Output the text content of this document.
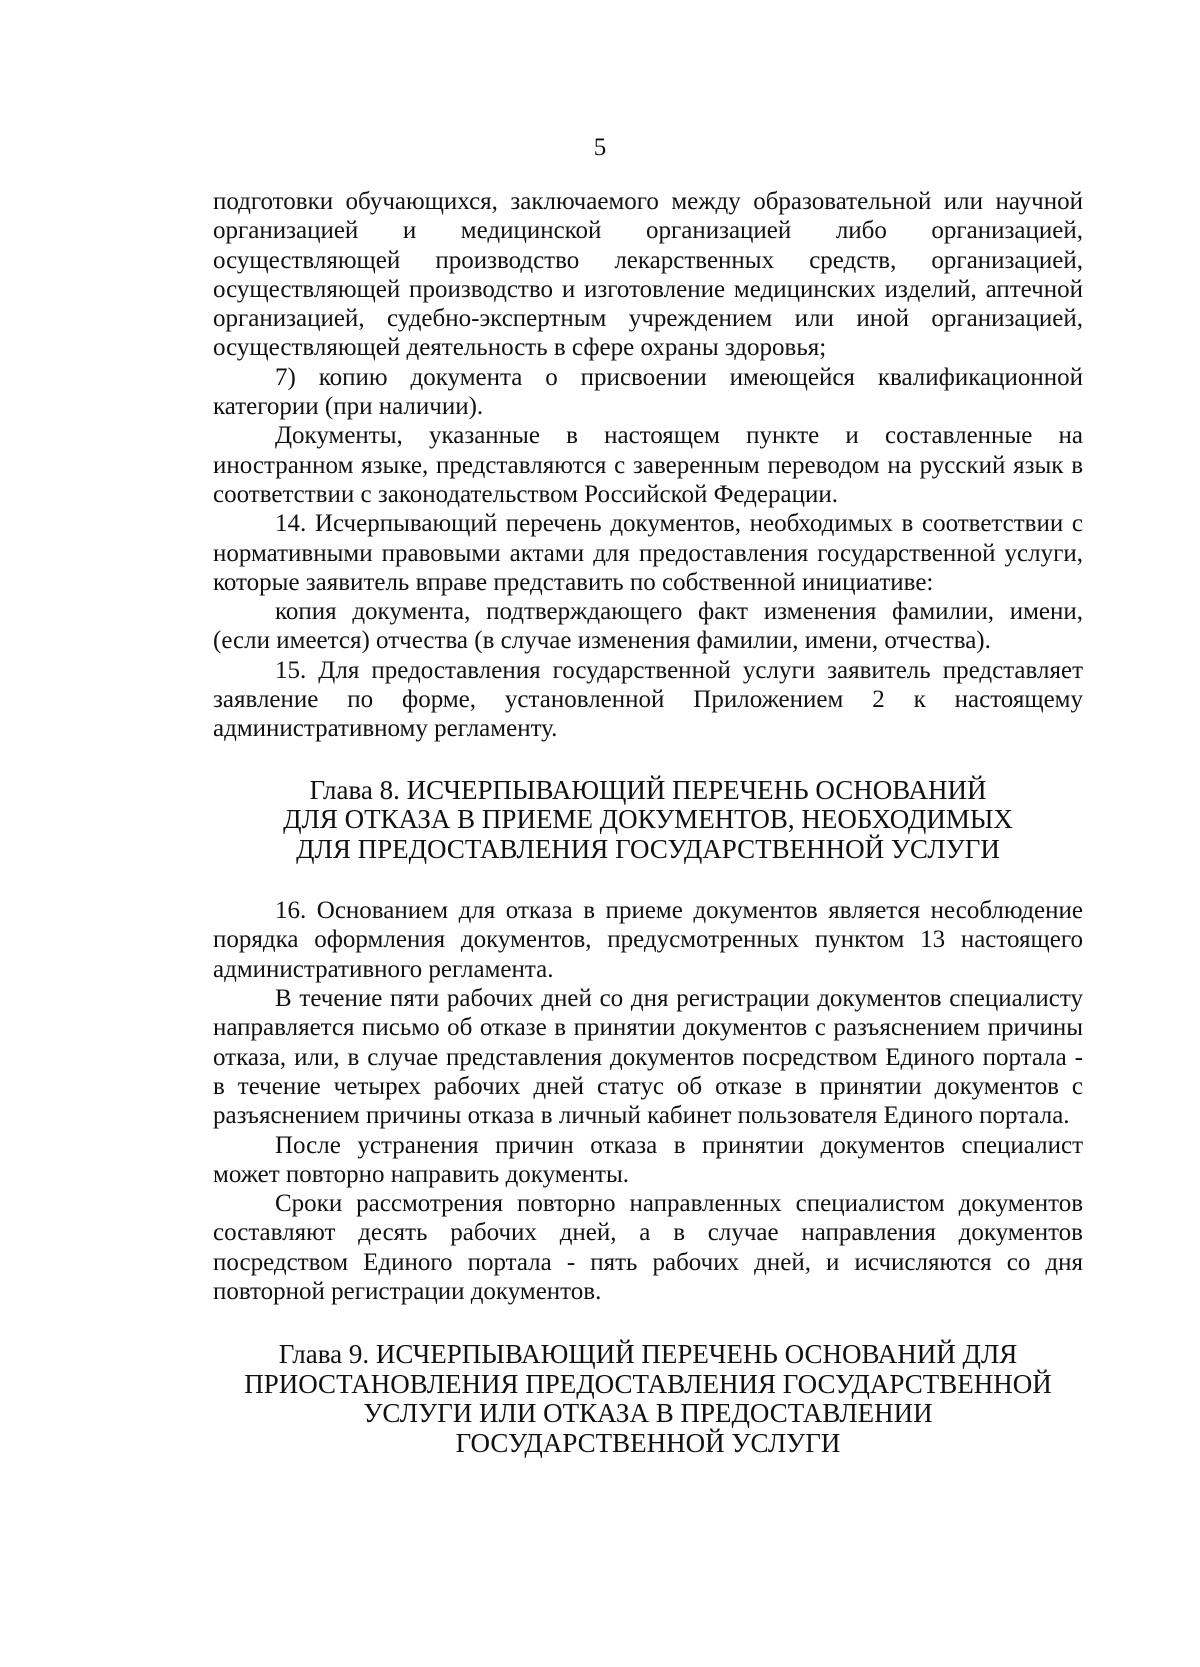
5

подготовки обучающихся, заключаемого между образовательной или научной организацией и медицинской организацией либо организацией, осуществляющей производство лекарственных средств, организацией, осуществляющей производство и изготовление медицинских изделий, аптечной организацией, судебно-экспертным учреждением или иной организацией, осуществляющей деятельность в сфере охраны здоровья;

7) копию документа о присвоении имеющейся квалификационной категории (при наличии).

Документы, указанные в настоящем пункте и составленные на иностранном языке, представляются с заверенным переводом на русский язык в соответствии с законодательством Российской Федерации.

14. Исчерпывающий перечень документов, необходимых в соответствии с нормативными правовыми актами для предоставления государственной услуги, которые заявитель вправе представить по собственной инициативе:

копия документа, подтверждающего факт изменения фамилии, имени, (если имеется) отчества (в случае изменения фамилии, имени, отчества).

15. Для предоставления государственной услуги заявитель представляет заявление по форме, установленной Приложением 2 к настоящему административному регламенту.

Глава 8. ИСЧЕРПЫВАЮЩИЙ ПЕРЕЧЕНЬ ОСНОВАНИЙ
ДЛЯ ОТКАЗА В ПРИЕМЕ ДОКУМЕНТОВ, НЕОБХОДИМЫХ
ДЛЯ ПРЕДОСТАВЛЕНИЯ ГОСУДАРСТВЕННОЙ УСЛУГИ

16. Основанием для отказа в приеме документов является несоблюдение порядка оформления документов, предусмотренных пунктом 13 настоящего административного регламента.

В течение пяти рабочих дней со дня регистрации документов специалисту направляется письмо об отказе в принятии документов с разъяснением причины отказа, или, в случае представления документов посредством Единого портала - в течение четырех рабочих дней статус об отказе в принятии документов с разъяснением причины отказа в личный кабинет пользователя Единого портала.

После устранения причин отказа в принятии документов специалист может повторно направить документы.

Сроки рассмотрения повторно направленных специалистом документов составляют десять рабочих дней, а в случае направления документов посредством Единого портала - пять рабочих дней, и исчисляются со дня повторной регистрации документов.

Глава 9. ИСЧЕРПЫВАЮЩИЙ ПЕРЕЧЕНЬ ОСНОВАНИЙ ДЛЯ
ПРИОСТАНОВЛЕНИЯ ПРЕДОСТАВЛЕНИЯ ГОСУДАРСТВЕННОЙ
УСЛУГИ ИЛИ ОТКАЗА В ПРЕДОСТАВЛЕНИИ
ГОСУДАРСТВЕННОЙ УСЛУГИ
